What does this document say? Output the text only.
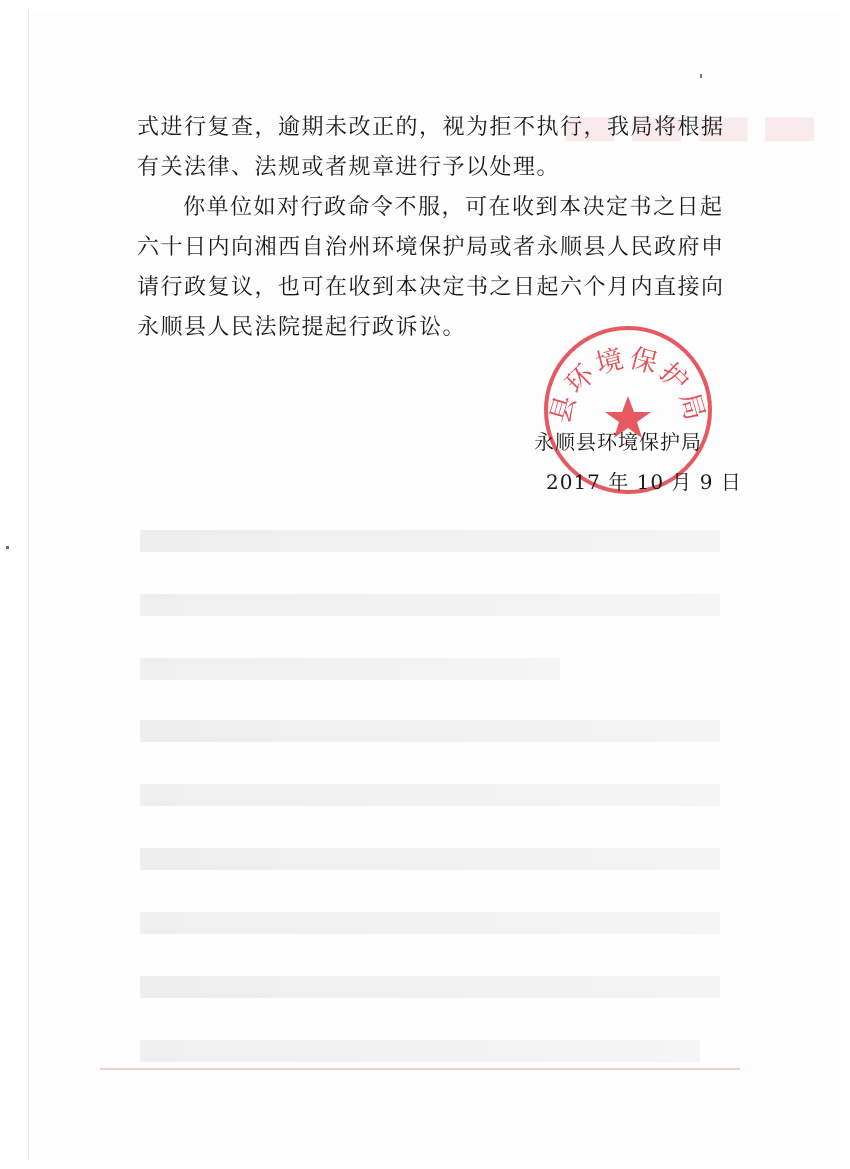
▬▬▬▬

式进行复查，逾期未改正的，视为拒不执行，我局将根据有关法律、法规或者规章进行予以处理。

你单位如对行政命令不服，可在收到本决定书之日起六十日内向湘西自治州环境保护局或者永顺县人民政府申请行政复议，也可在收到本决定书之日起六个月内直接向永顺县人民法院提起行政诉讼。

县环境保护局
永顺县环境保护局
2017 年 10 月 9 日
